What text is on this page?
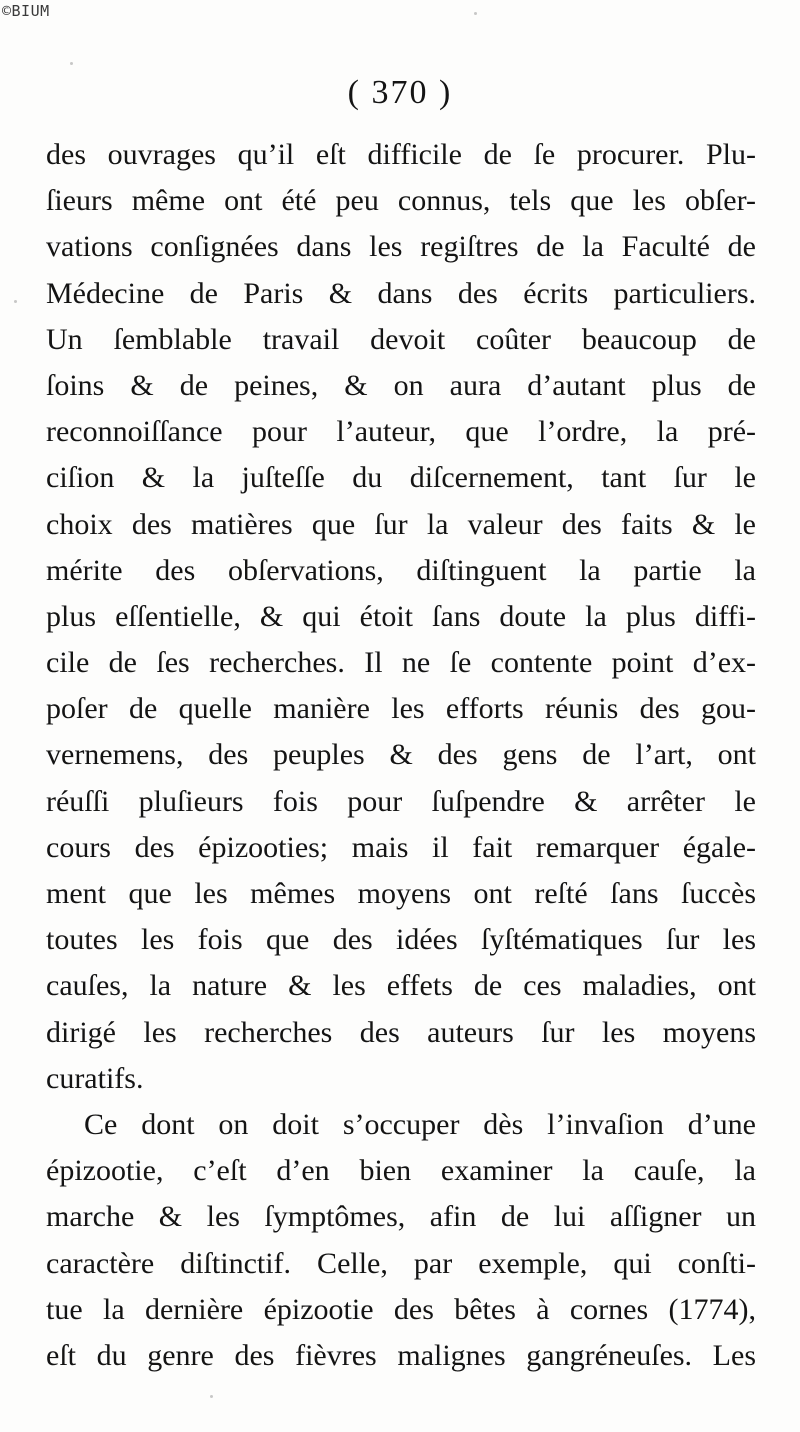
©BIUM
( 370 )
des ouvrages qu’il eſt difficile de ſe procurer. Plu-
ſieurs même ont été peu connus, tels que les obſer-
vations conſignées dans les regiſtres de la Faculté de
Médecine de Paris & dans des écrits particuliers.
Un ſemblable travail devoit coûter beaucoup de
ſoins & de peines, & on aura d’autant plus de
reconnoiſſance pour l’auteur, que l’ordre, la pré-
ciſion & la juſteſſe du diſcernement, tant ſur le
choix des matières que ſur la valeur des faits & le
mérite des obſervations, diſtinguent la partie la
plus eſſentielle, & qui étoit ſans doute la plus diffi-
cile de ſes recherches. Il ne ſe contente point d’ex-
poſer de quelle manière les efforts réunis des gou-
vernemens, des peuples & des gens de l’art, ont
réuſſi pluſieurs fois pour ſuſpendre & arrêter le
cours des épizooties; mais il fait remarquer égale-
ment que les mêmes moyens ont reſté ſans ſuccès
toutes les fois que des idées ſyſtématiques ſur les
cauſes, la nature & les effets de ces maladies, ont
dirigé les recherches des auteurs ſur les moyens
curatifs.
Ce dont on doit s’occuper dès l’invaſion d’une
épizootie, c’eſt d’en bien examiner la cauſe, la
marche & les ſymptômes, afin de lui aſſigner un
caractère diſtinctif. Celle, par exemple, qui conſti-
tue la dernière épizootie des bêtes à cornes (1774),
eſt du genre des fièvres malignes gangréneuſes. Les
